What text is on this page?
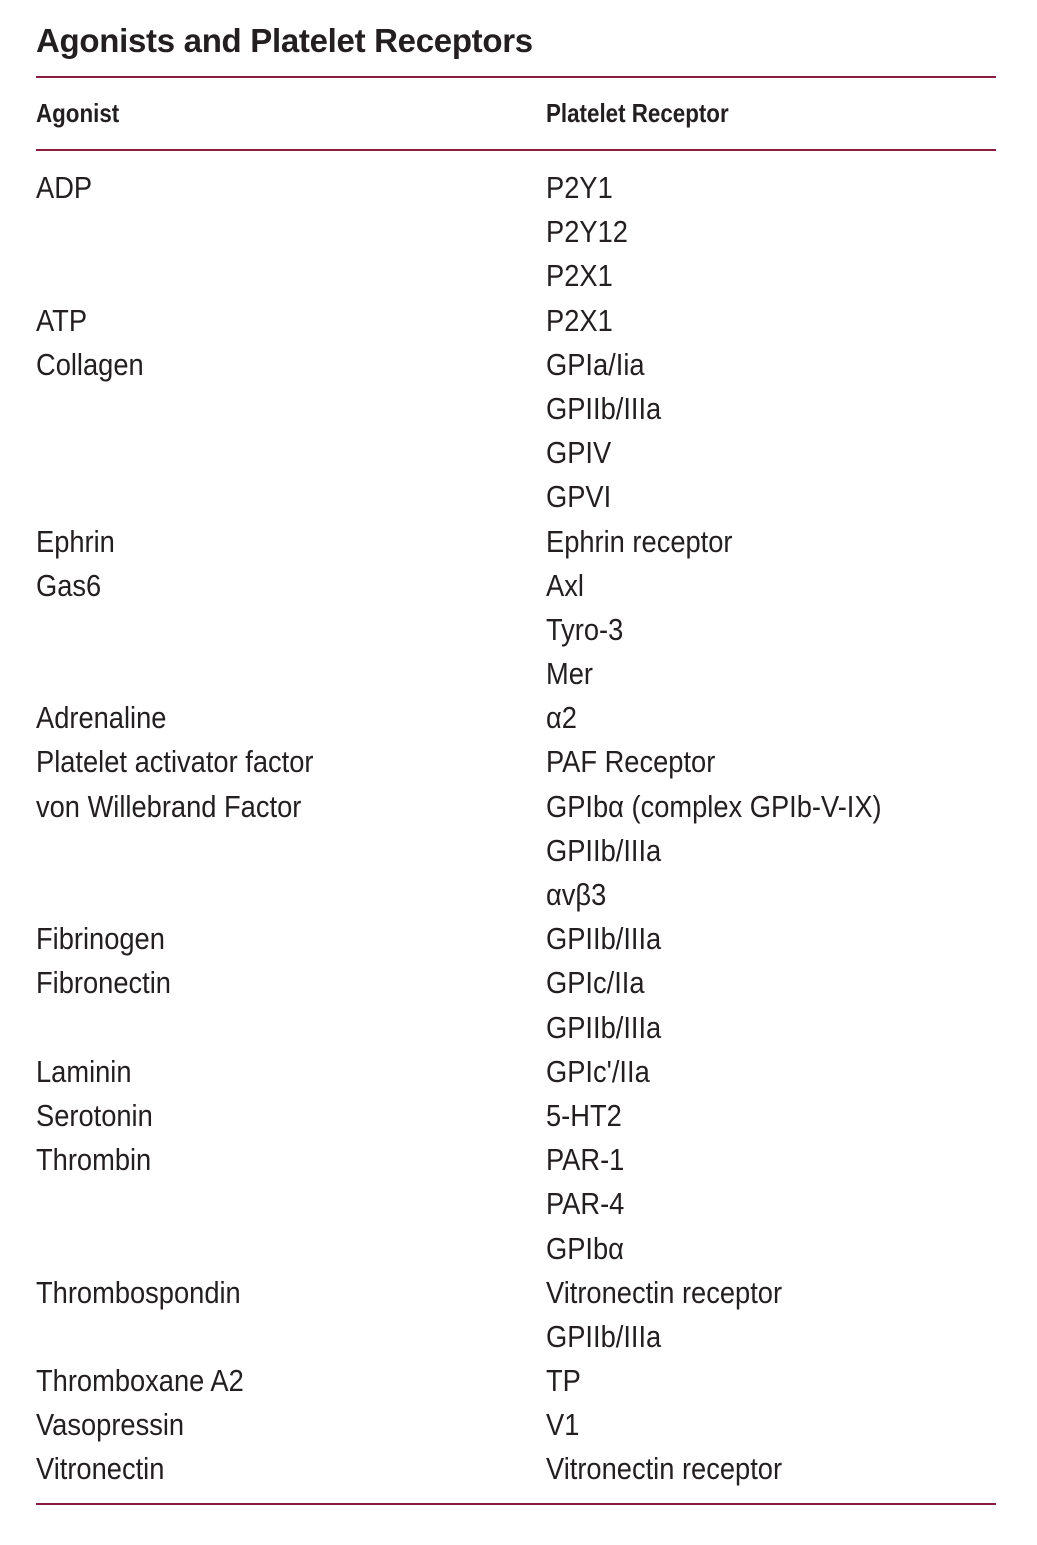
Agonists and Platelet Receptors
Agonist	Platelet Receptor
ADP	P2Y1
P2Y12
P2X1
ATP	P2X1
Collagen	GPIa/Iia
GPIIb/IIIa
GPIV
GPVI
Ephrin	Ephrin receptor
Gas6	Axl
Tyro-3
Mer
Adrenaline	α2
Platelet activator factor	PAF Receptor
von Willebrand Factor	GPIbα (complex GPIb-V-IX)
GPIIb/IIIa
αvβ3
Fibrinogen	GPIIb/IIIa
Fibronectin	GPIc/IIa
GPIIb/IIIa
Laminin	GPIc'/IIa
Serotonin	5-HT2
Thrombin	PAR-1
PAR-4
GPIbα
Thrombospondin	Vitronectin receptor
GPIIb/IIIa
Thromboxane A2	TP
Vasopressin	V1
Vitronectin	Vitronectin receptor
